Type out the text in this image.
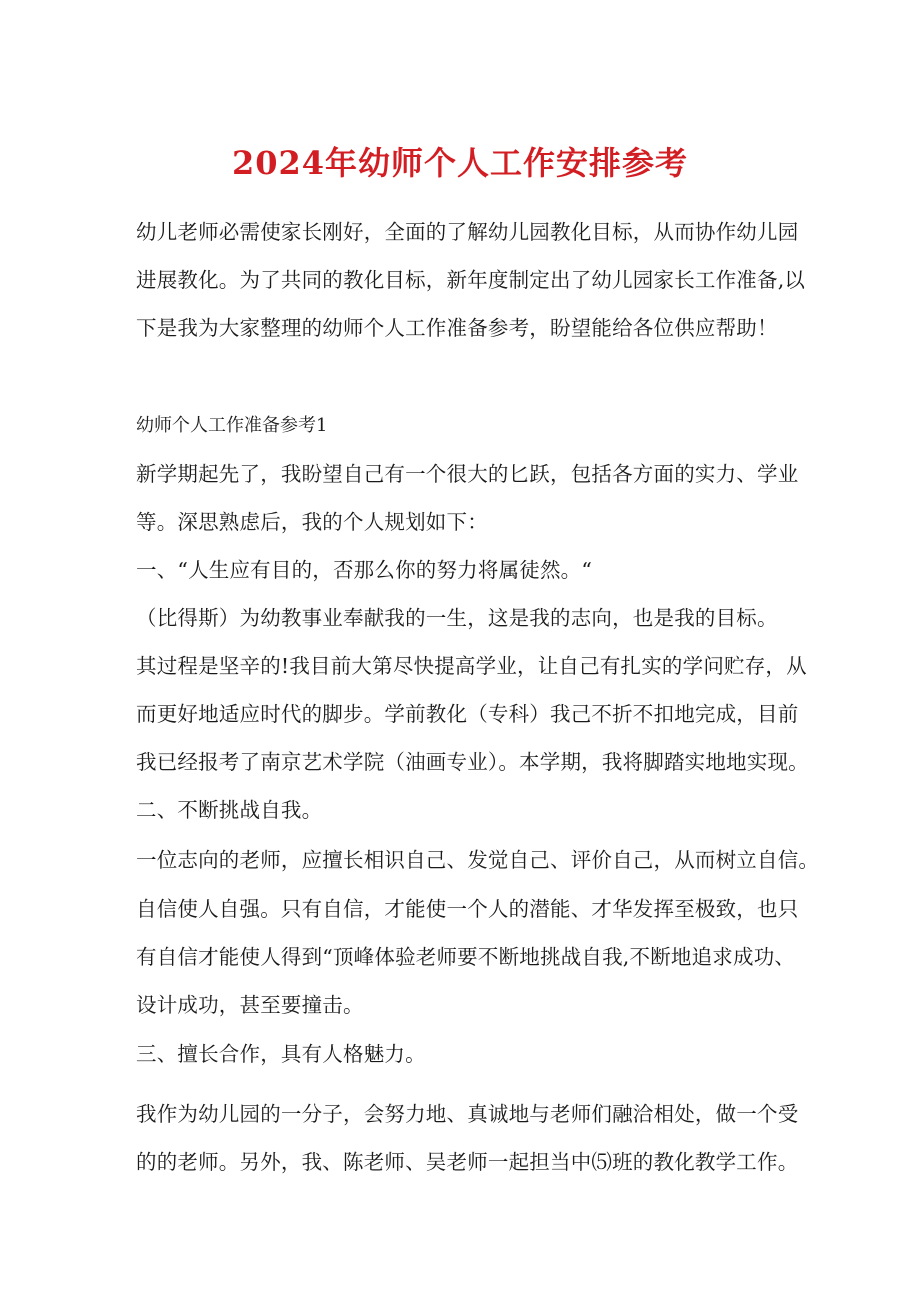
2024年幼师个人工作安排参考
幼儿老师必需使家长刚好，全面的了解幼儿园教化目标，从而协作幼儿园
进展教化。为了共同的教化目标，新年度制定出了幼儿园家长工作准备,以
下是我为大家整理的幼师个人工作准备参考，盼望能给各位供应帮助！
幼师个人工作准备参考1
新学期起先了，我盼望自己有一个很大的匕跃，包括各方面的实力、学业
等。深思熟虑后，我的个人规划如下：
一、“人生应有目的，否那么你的努力将属徒然。“
（比得斯）为幼教事业奉献我的一生，这是我的志向，也是我的目标。
其过程是坚辛的!我目前大第尽快提高学业，让自己有扎实的学问贮存，从
而更好地适应时代的脚步。学前教化（专科）我己不折不扣地完成，目前
我已经报考了南京艺术学院（油画专业）。本学期，我将脚踏实地地实现。
二、不断挑战自我。
一位志向的老师，应擅长相识自己、发觉自己、评价自己，从而树立自信。
自信使人自强。只有自信，才能使一个人的潜能、才华发挥至极致，也只
有自信才能使人得到“顶峰体验老师要不断地挑战自我,不断地追求成功、
设计成功，甚至要撞击。
三、擅长合作，具有人格魅力。
我作为幼儿园的一分子，会努力地、真诚地与老师们融洽相处，做一个受
的的老师。另外，我、陈老师、吴老师一起担当中⑸班的教化教学工作。
